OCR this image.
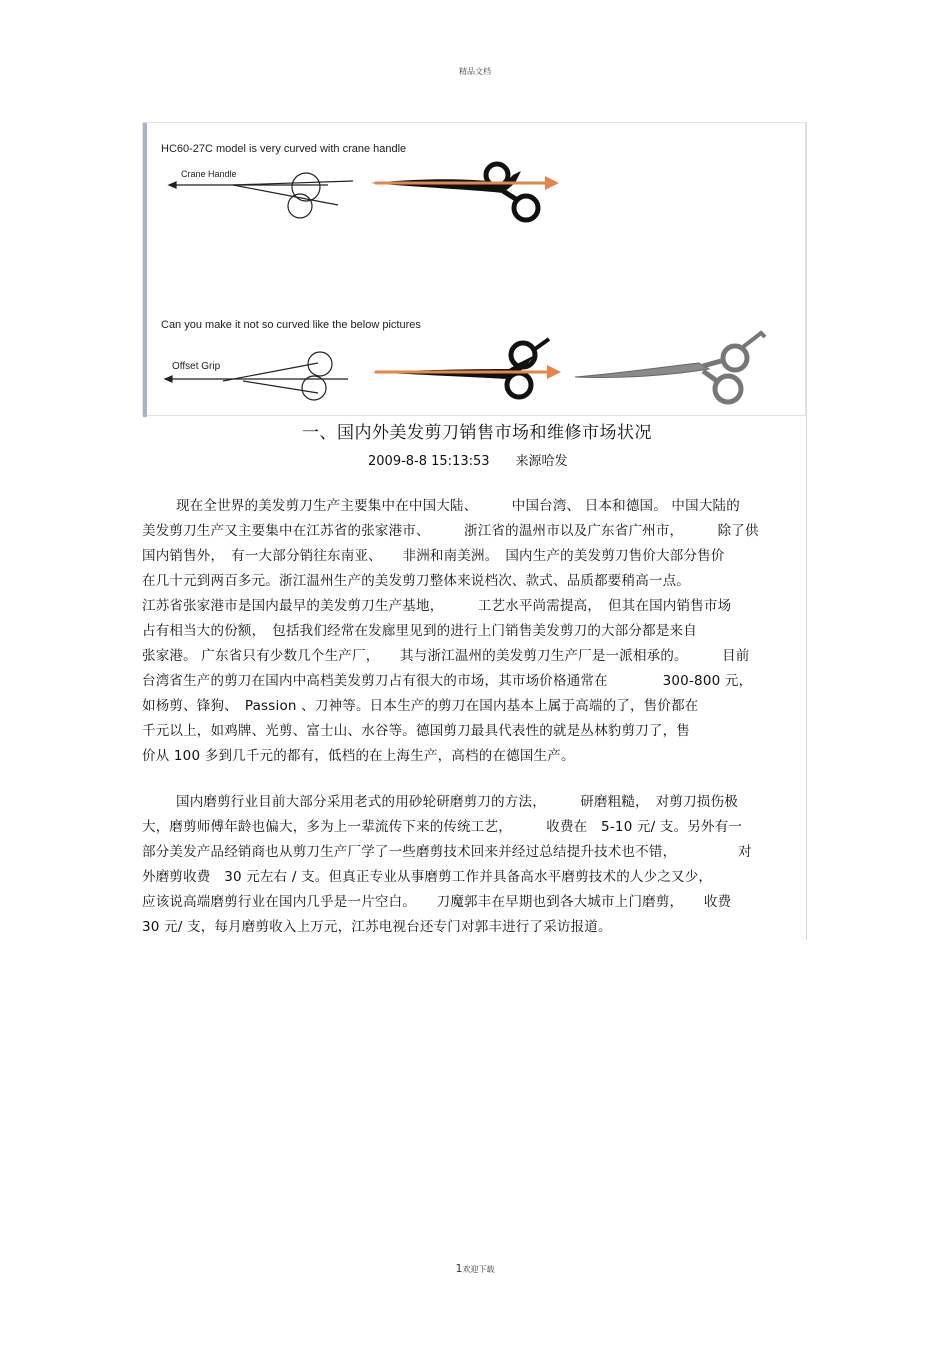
精品文档
HC60-27C model is very curved with crane handle
Crane Handle
Can you make it not so curved like the below pictures
Offset Grip
一、国内外美发剪刀销售市场和维修市场状况
2009-8-8 15:13:53 来源哈发
现在全世界的美发剪刀生产主要集中在中国大陆、　　　中国台湾、 日本和德国。 中国大陆的
美发剪刀生产又主要集中在江苏省的张家港市、　　　浙江省的温州市以及广东省广州市，　　　除了供
国内销售外，　有一大部分销往东南亚、　　非洲和南美洲。　国内生产的美发剪刀售价大部分售价
在几十元到两百多元。浙江温州生产的美发剪刀整体来说档次、款式、品质都要稍高一点。
江苏省张家港市是国内最早的美发剪刀生产基地，　　　工艺水平尚需提高，　但其在国内销售市场
占有相当大的份额，　包括我们经常在发廊里见到的进行上门销售美发剪刀的大部分都是来自
张家港。 广东省只有少数几个生产厂，　　其与浙江温州的美发剪刀生产厂是一派相承的。　　　目前
台湾省生产的剪刀在国内中高档美发剪刀占有很大的市场，其市场价格通常在　　　　300-800 元，
如杨剪、锋狗、　Passion 、刀神等。日本生产的剪刀在国内基本上属于高端的了，售价都在
千元以上，如鸡牌、光剪、富士山、水谷等。德国剪刀最具代表性的就是丛林豹剪刀了，售
价从 100 多到几千元的都有，低档的在上海生产，高档的在德国生产。
国内磨剪行业目前大部分采用老式的用砂轮研磨剪刀的方法，　　　研磨粗糙，　对剪刀损伤极
大，磨剪师傅年龄也偏大，多为上一辈流传下来的传统工艺，　　　收费在　5-10 元/ 支。另外有一
部分美发产品经销商也从剪刀生产厂学了一些磨剪技术回来并经过总结提升技术也不错，　　　　　对
外磨剪收费　30 元左右 / 支。但真正专业从事磨剪工作并具备高水平磨剪技术的人少之又少，
应该说高端磨剪行业在国内几乎是一片空白。　　刀魔郭丰在早期也到各大城市上门磨剪，　　收费
30 元/ 支，每月磨剪收入上万元，江苏电视台还专门对郭丰进行了采访报道。
1欢迎下载
